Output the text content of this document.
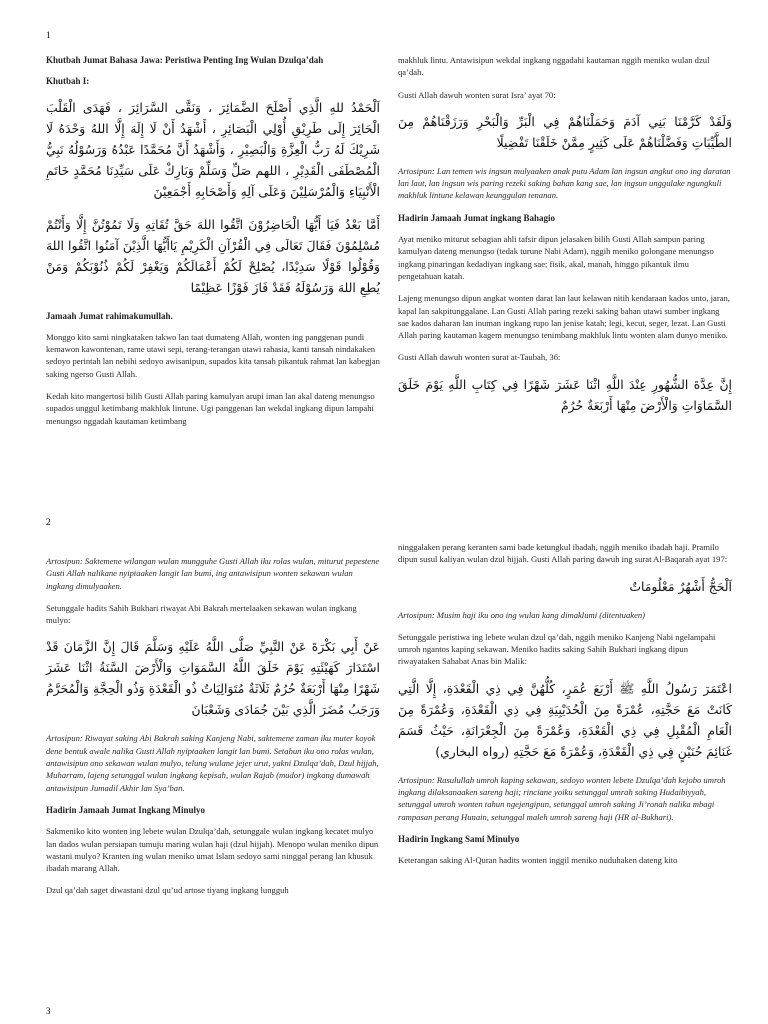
1
Khutbah Jumat Bahasa Jawa: Peristiwa Penting Ing Wulan Dzulqa’dah
Khutbah I:
اَلْحَمْدُ للهِ الَّذِي أَصْلَحَ الضَّمَائِرَ ، وَنَقَّى السَّرَائِرَ ، فَهَدَى الْقَلْبَ الْحَائِرَ إِلَى طَرِيْقِ أُوْلِي الْبَصَائِرِ ، أَشْهَدُ أَنْ لَا إِلَهَ إِلَّا اللهُ وَحْدَهُ لَا شَرِيْكَ لَهُ رَبُّ الْعِزَّةِ وَالْبَصِيْرِ ، وَأَشْهَدُ أَنَّ مُحَمَّدًا عَبْدُهُ وَرَسُوْلُهُ نَبِيُّ الْمُصْطَفَى الْقَدِيْرِ ، اللهم صَلِّ وَسَلِّمْ وَبَارِكْ عَلَى سَيِّدِنَا مُحَمَّدٍ خَاتَمِ الْأَنْبِيَاءِ وَالْمُرْسَلِيْنَ وَعَلَى آلِهِ وَأَصْحَابِهِ أَجْمَعِيْنَ
أَمَّا بَعْدُ فَيَا أَيُّهَا الْحَاضِرُوْنَ اتَّقُوا اللهَ حَقَّ تُقَاتِهِ وَلَا تَمُوْتُنَّ إِلَّا وَأَنْتُمْ مُسْلِمُوْنَ فَقَالَ تَعَالَى فِي الْقُرْآنِ الْكَرِيْمِ يَاأَيُّهَا الَّذِيْنَ آمَنُوا اتَّقُوا اللهَ وَقُوْلُوا قَوْلًا سَدِيْدًا، يُصْلِحْ لَكُمْ أَعْمَالَكُمْ وَيَغْفِرْ لَكُمْ ذُنُوْبَكُمْ وَمَنْ يُطِعِ اللهَ وَرَسُوْلَهُ فَقَدْ فَازَ فَوْزًا عَظِيْمًا
Jamaah Jumat rahimakumullah.
Monggo kito sami ningkataken takwo lan taat dumateng Allah, wonten ing panggenan pundi kemawon kawontenan, rame utawi sepi, terang-terangan utawi rahasia, kanti tansah nindakaken sedoyo perintah lan nebihi sedoyo awisanipun, supados kita tansah pikantuk rahmat lan kabegjan saking ngerso Gusti Allah.
Kedah kito mangertosi bilih Gusti Allah paring kamulyan arupi iman lan akal dateng menungso supados unggul ketimbang makhluk lintune. Ugi panggenan lan wekdal ingkang dipun lampahi menungso nggadah kautaman ketimbang
makhluk lintu. Antawisipun wekdal ingkang nggadahi kautaman nggih meniko wulan dzul qa’dah.
Gusti Allah dawuh wonten surat Isra’ ayat 70:
وَلَقَدْ كَرَّمْنَا بَنِي آدَمَ وَحَمَلْنَاهُمْ فِي الْبَرِّ وَالْبَحْرِ وَرَزَقْنَاهُمْ مِنَ الطَّيِّبَاتِ وَفَضَّلْنَاهُمْ عَلَى كَثِيرٍ مِمَّنْ خَلَقْنَا تَفْضِيلًا
Artosipun: Lan temen wis ingsun mulyaaken anak putu Adam lan ingsun angkut ono ing daratan lan laut, lan ingsun wis paring rezeki saking bahan kang sae, lan ingsun unggulake ngungkuli makhluk lintune kelawan keunggulan tenanan.
Hadirin Jamaah Jumat ingkang Bahagio
Ayat meniko miturut sebagian ahli tafsir dipun jelasaken bilih Gusti Allah sampun paring kamulyan dateng menungso (tedak turune Nabi Adam), nggih meniko golongane menungso ingkang pinaringan kedadiyan ingkang sae; fisik, akal, manah, hinggo pikantuk ilmu pengetahuan katah.
Lajeng menungso dipun angkat wonten darat lan laut kelawan nitih kendaraan kados unto, jaran, kapal lan sakpitunggalane. Lan Gusti Allah paring rezeki saking bahan utawi sumber ingkang sae kados daharan lan inuman ingkang rupo lan jenise katah; legi, kecut, seger, lezat. Lan Gusti Allah paring kautaman kagem menungso tenimbang makhluk lintu wonten alam dunyo meniko.
Gusti Allah dawuh wonten surat at-Taubah, 36:
إِنَّ عِدَّةَ الشُّهُورِ عِنْدَ اللَّهِ اثْنَا عَشَرَ شَهْرًا فِي كِتَابِ اللَّهِ يَوْمَ خَلَقَ السَّمَاوَاتِ وَالْأَرْضَ مِنْهَا أَرْبَعَةٌ حُرُمٌ
2
Artosipun: Saktemene wilangan wulan mungguhe Gusti Allah iku rolas wulan, miturut pepestene Gusti Allah nalikane nyiptaaken langit lan bumi, ing antawisipun wonten sekawan wulan ingkang dimulyaaken.
Setunggale hadits Sahih Bukhari riwayat Abi Bakrah mertelaaken sekawan wulan ingkang mulyo:
عَنْ أَبِي بَكْرَةَ عَنْ النَّبِيِّ صَلَّى اللَّهُ عَلَيْهِ وَسَلَّمَ قَالَ إِنَّ الزَّمَانَ قَدْ اسْتَدَارَ كَهَيْئَتِهِ يَوْمَ خَلَقَ اللَّهُ السَّمَوَاتِ وَالْأَرْضَ السَّنَةُ اثْنَا عَشَرَ شَهْرًا مِنْهَا أَرْبَعَةٌ حُرُمٌ ثَلَاثَةٌ مُتَوَالِيَاتٌ ذُو الْقَعْدَةِ وَذُو الْحِجَّةِ وَالْمُحَرَّمُ وَرَجَبُ مُضَرَ الَّذِي بَيْنَ جُمَادَى وَشَعْبَانَ
Artosipun: Riwayat saking Abi Bakrah saking Kanjeng Nabi, saktemene zaman iku muter koyok dene bentuk awale nalika Gusti Allah nyiptaaken langit lan bumi. Setahun iku ono rolas wulan, antawisipun ono sekawan wulan mulyo, telung wulane jejer urut, yakni Dzulqa’dah, Dzul hijjah, Muharram, lajeng setunggal wulan ingkang kepisah, wulan Rajab (mudor) ingkang dumawah antawisipun Jumadil Akhir lan Sya’ban.
Hadirin Jamaah Jumat Ingkang Minulyo
Sakmeniko kito wonten ing lebete wulan Dzulqa’dah, setunggale wulan ingkang kecatet mulyo lan dados wulan persiapan tumuju maring wulan haji (dzul hijjah). Menopo wulan meniko dipun wastani mulyo? Kranten ing wulan meniko umat Islam sedoyo sami ninggal perang lan khusuk ibadah marang Allah.
Dzul qa’dah saget diwastani dzul qu’ud artose tiyang ingkang lungguh
ninggalaken perang keranten sami bade ketungkul ibadah, nggih meniko ibadah haji. Pramilo dipun susul kaliyan wulan dzul hijjah. Gusti Allah paring dawuh ing surat Al-Baqarah ayat 197:
اَلْحَجُّ أَشْهُرٌ مَعْلُومَاتٌ
Artosipun: Musim haji iku ono ing wulan kang dimaklumi (ditentuaken)
Setunggale peristiwa ing lebete wulan dzul qa’dah, nggih meniko Kanjeng Nabi ngelampahi umroh ngantos kaping sekawan. Meniko hadits saking Sahih Bukhari ingkang dipun riwayataken Sahabat Anas bin Malik:
اعْتَمَرَ رَسُولُ اللَّهِ ﷺ أَرْبَعَ عُمَرٍ، كُلُّهُنَّ فِي ذِي الْقَعْدَةِ، إِلَّا الَّتِي كَانَتْ مَعَ حَجَّتِهِ، عُمْرَةً مِنَ الْحُدَيْبِيَةِ فِي ذِي الْقَعْدَةِ، وَعُمْرَةً مِنَ الْعَامِ الْمُقْبِلِ فِي ذِي الْقَعْدَةِ، وَعُمْرَةً مِنَ الْجِعْرَانَةِ، حَيْثُ قَسَمَ غَنَائِمَ حُنَيْنٍ فِي ذِي الْقَعْدَةِ، وَعُمْرَةً مَعَ حَجَّتِهِ (رواه البخاري)
Artosipun: Rasulullah umroh kaping sekawan, sedoyo wonten lebete Dzulqa’dah kejobo umroh ingkang dilaksanaaken sareng haji; rinciane yoiku setunggal umrah saking Hudaibiyyah, setunggal umroh wonten tahun ngejengipun, setunggal umroh saking Ji’ronah nalika mbagi rampasan perang Hunain, setunggal maleh umroh sareng haji (HR al-Bukhari).
Hadirin Ingkang Sami Minulyo
Keterangan saking Al-Quran hadits wonten inggil meniko nuduhaken dateng kito
3
